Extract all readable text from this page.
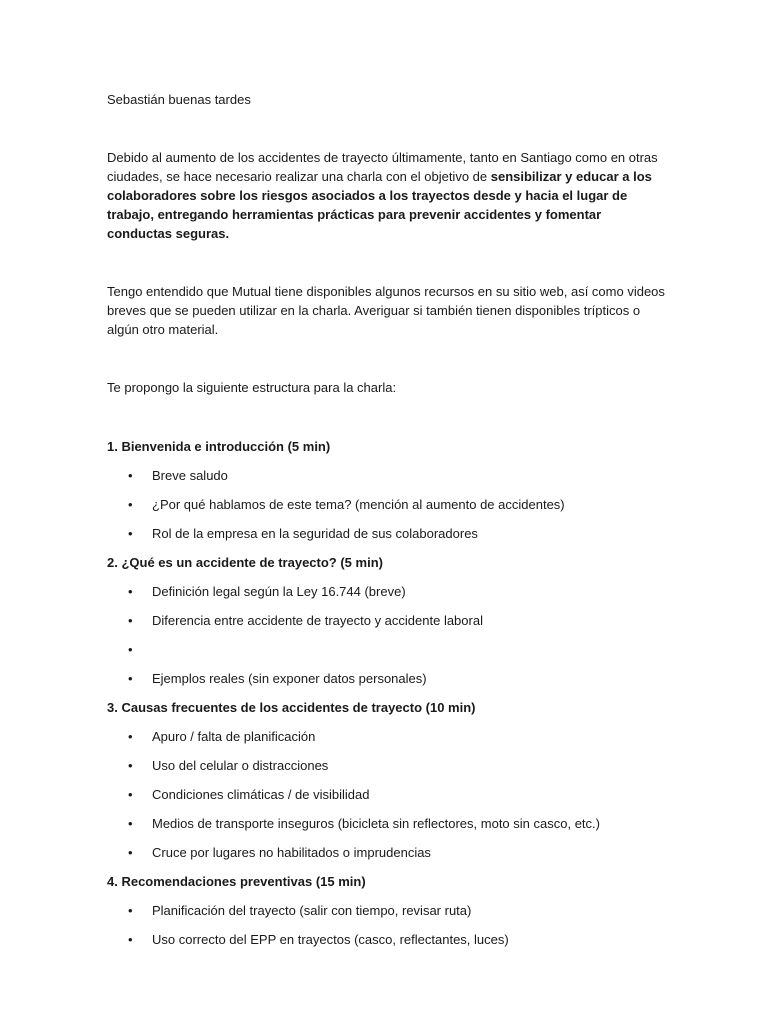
Sebastián buenas tardes

Debido al aumento de los accidentes de trayecto últimamente, tanto en Santiago como en otras ciudades, se hace necesario realizar una charla con el objetivo de sensibilizar y educar a los colaboradores sobre los riesgos asociados a los trayectos desde y hacia el lugar de trabajo, entregando herramientas prácticas para prevenir accidentes y fomentar conductas seguras.

Tengo entendido que Mutual tiene disponibles algunos recursos en su sitio web, así como videos breves que se pueden utilizar en la charla. Averiguar si también tienen disponibles trípticos o algún otro material.

Te propongo la siguiente estructura para la charla:

1. Bienvenida e introducción (5 min)
• Breve saludo
• ¿Por qué hablamos de este tema? (mención al aumento de accidentes)
• Rol de la empresa en la seguridad de sus colaboradores
2. ¿Qué es un accidente de trayecto? (5 min)
• Definición legal según la Ley 16.744 (breve)
• Diferencia entre accidente de trayecto y accidente laboral
•
• Ejemplos reales (sin exponer datos personales)
3. Causas frecuentes de los accidentes de trayecto (10 min)
• Apuro / falta de planificación
• Uso del celular o distracciones
• Condiciones climáticas / de visibilidad
• Medios de transporte inseguros (bicicleta sin reflectores, moto sin casco, etc.)
• Cruce por lugares no habilitados o imprudencias
4. Recomendaciones preventivas (15 min)
• Planificación del trayecto (salir con tiempo, revisar ruta)
• Uso correcto del EPP en trayectos (casco, reflectantes, luces)
